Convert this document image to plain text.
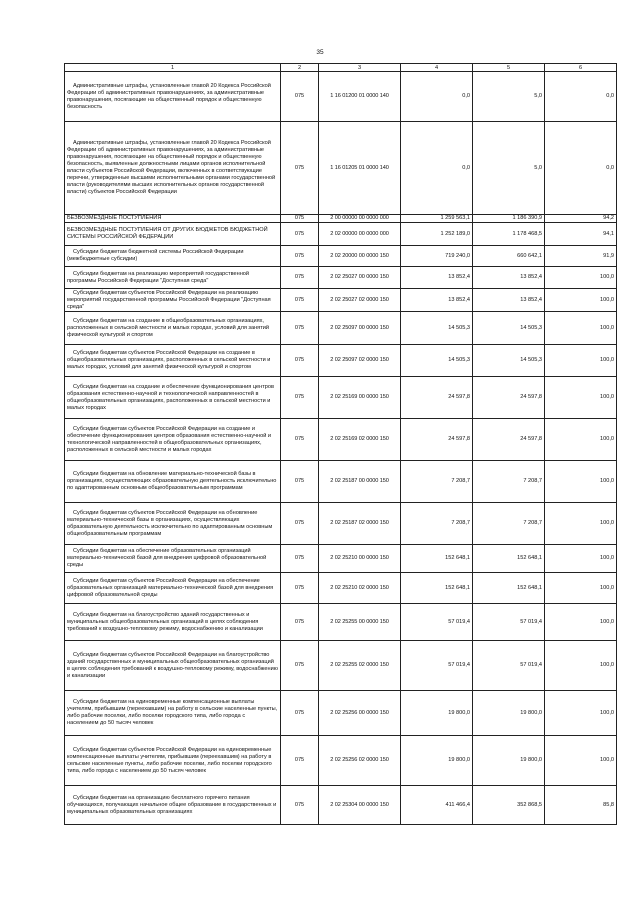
35
1	2	3	4	5	6
Административные штрафы, установленные главой 20 Кодекса Российской Федерации об административных правонарушениях, за административные правонарушения, посягающие на общественный порядок и общественную безопасность	075	1 16 01200 01 0000 140	0,0	5,0	0,0
Административные штрафы, установленные главой 20 Кодекса Российской Федерации об административных правонарушениях, за административные правонарушения, посягающие на общественный порядок и общественную безопасность, выявленные должностными лицами органов исполнительной власти субъектов Российской Федерации, включенных в соответствующие перечни, утвержденные высшими исполнительными органами государственной власти (руководителями высших исполнительных органов государственной власти) субъектов Российской Федерации	075	1 16 01205 01 0000 140	0,0	5,0	0,0
БЕЗВОЗМЕЗДНЫЕ ПОСТУПЛЕНИЯ	075	2 00 00000 00 0000 000	1 259 563,1	1 186 390,9	94,2
БЕЗВОЗМЕЗДНЫЕ ПОСТУПЛЕНИЯ ОТ ДРУГИХ БЮДЖЕТОВ БЮДЖЕТНОЙ СИСТЕМЫ РОССИЙСКОЙ ФЕДЕРАЦИИ	075	2 02 00000 00 0000 000	1 252 189,0	1 178 468,5	94,1
Субсидии бюджетам бюджетной системы Российской Федерации (межбюджетные субсидии)	075	2 02 20000 00 0000 150	719 240,0	660 642,1	91,9
Субсидии бюджетам на реализацию мероприятий государственной программы Российской Федерации "Доступная среда"	075	2 02 25027 00 0000 150	13 852,4	13 852,4	100,0
Субсидии бюджетам субъектов Российской Федерации на реализацию мероприятий государственной программы Российской Федерации "Доступная среда"	075	2 02 25027 02 0000 150	13 852,4	13 852,4	100,0
Субсидии бюджетам на создание в общеобразовательных организациях, расположенных в сельской местности и малых городах, условий для занятий физической культурой и спортом	075	2 02 25097 00 0000 150	14 505,3	14 505,3	100,0
Субсидии бюджетам субъектов Российской Федерации на создание в общеобразовательных организациях, расположенных в сельской местности и малых городах, условий для занятий физической культурой и спортом	075	2 02 25097 02 0000 150	14 505,3	14 505,3	100,0
Субсидии бюджетам на создание и обеспечение функционирования центров образования естественно-научной и технологической направленностей в общеобразовательных организациях, расположенных в сельской местности и малых городах	075	2 02 25169 00 0000 150	24 597,8	24 597,8	100,0
Субсидии бюджетам субъектов Российской Федерации на создание и обеспечение функционирования центров образования естественно-научной и технологической направленностей в общеобразовательных организациях, расположенных в сельской местности и малых городах	075	2 02 25169 02 0000 150	24 597,8	24 597,8	100,0
Субсидии бюджетам на обновление материально-технической базы в организациях, осуществляющих образовательную деятельность исключительно по адаптированным основным общеобразовательным программам	075	2 02 25187 00 0000 150	7 208,7	7 208,7	100,0
Субсидии бюджетам субъектов Российской Федерации на обновление материально-технической базы в организациях, осуществляющих образовательную деятельность исключительно по адаптированным основным общеобразовательным программам	075	2 02 25187 02 0000 150	7 208,7	7 208,7	100,0
Субсидии бюджетам на обеспечение образовательных организаций материально-технической базой для внедрения цифровой образовательной среды	075	2 02 25210 00 0000 150	152 648,1	152 648,1	100,0
Субсидии бюджетам субъектов Российской Федерации на обеспечение образовательных организаций материально-технической базой для внедрения цифровой образовательной среды	075	2 02 25210 02 0000 150	152 648,1	152 648,1	100,0
Субсидии бюджетам на благоустройство зданий государственных и муниципальных общеобразовательных организаций в целях соблюдения требований к воздушно-тепловому режиму, водоснабжению и канализации	075	2 02 25255 00 0000 150	57 019,4	57 019,4	100,0
Субсидии бюджетам субъектов Российской Федерации на благоустройство зданий государственных и муниципальных общеобразовательных организаций в целях соблюдения требований к воздушно-тепловому режиму, водоснабжению и канализации	075	2 02 25255 02 0000 150	57 019,4	57 019,4	100,0
Субсидии бюджетам на единовременные компенсационные выплаты учителям, прибывшим (переехавшим) на работу в сельские населенные пункты, либо рабочие поселки, либо поселки городского типа, либо города с населением до 50 тысяч человек	075	2 02 25256 00 0000 150	19 800,0	19 800,0	100,0
Субсидии бюджетам субъектов Российской Федерации на единовременные компенсационные выплаты учителям, прибывшим (переехавшим) на работу в сельские населенные пункты, либо рабочие поселки, либо поселки городского типа, либо города с населением до 50 тысяч человек	075	2 02 25256 02 0000 150	19 800,0	19 800,0	100,0
Субсидии бюджетам на организацию бесплатного горячего питания обучающихся, получающих начальное общее образование в государственных и муниципальных образовательных организациях	075	2 02 25304 00 0000 150	411 466,4	352 868,5	85,8
